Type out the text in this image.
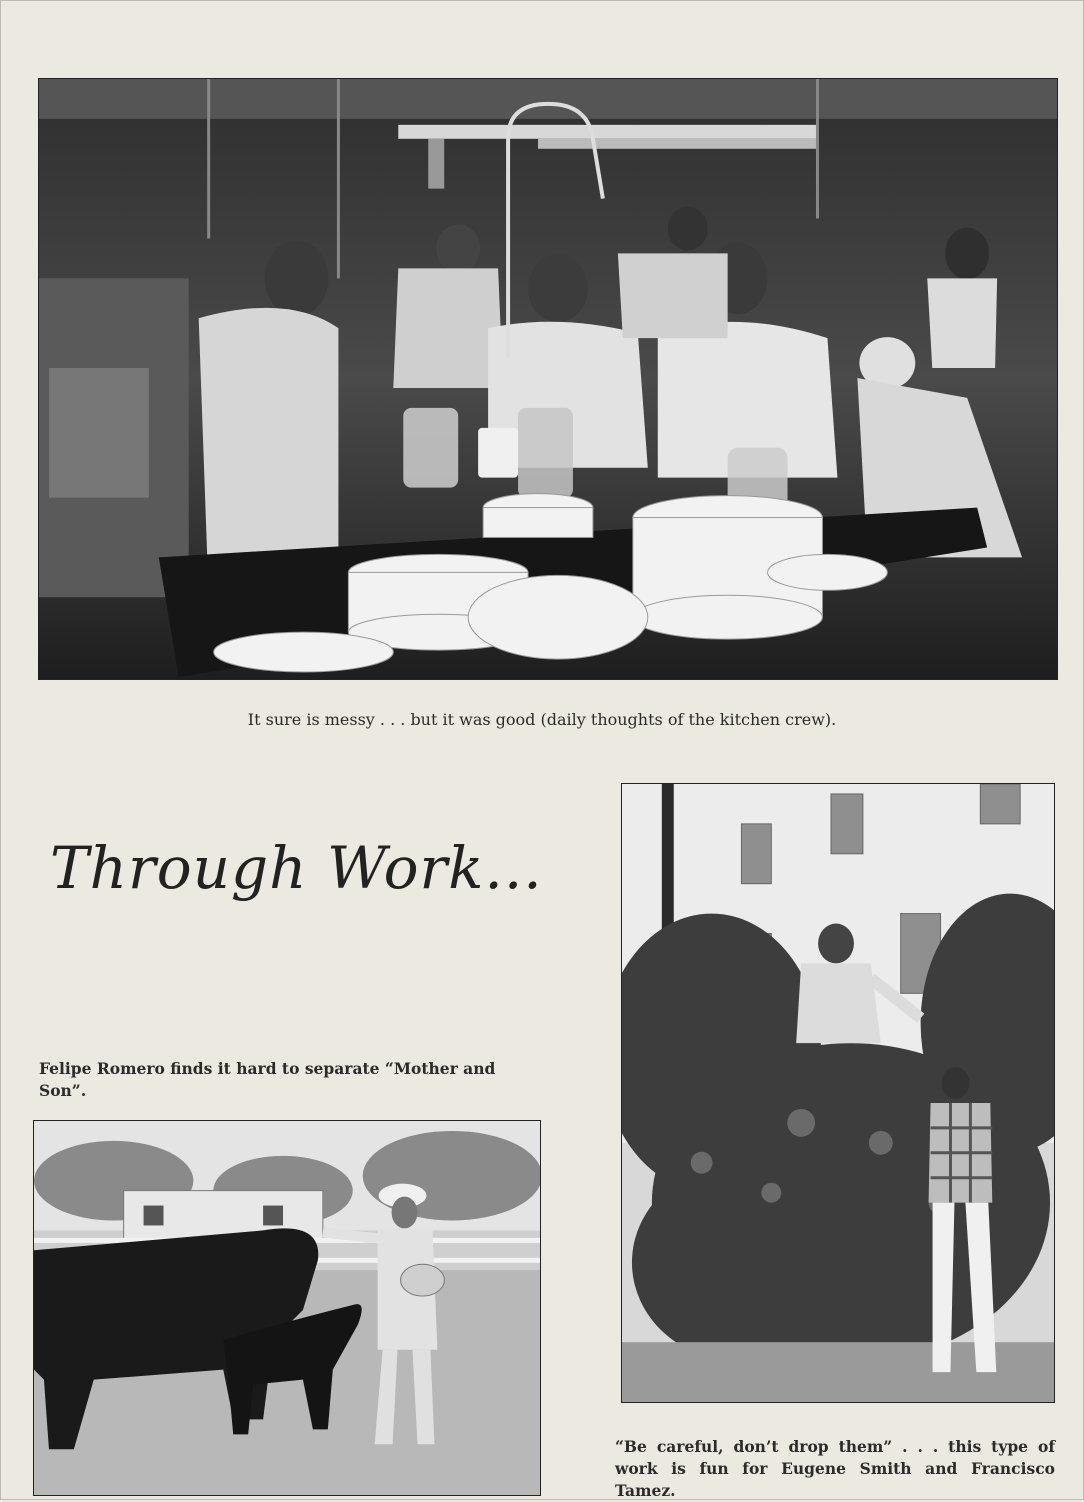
It sure is messy . . . but it was good (daily thoughts of the kitchen crew).

Through Work...

Felipe Romero finds it hard to separate “Mother and Son”.

“Be careful, don’t drop them” . . . this type of work is fun for Eugene Smith and Francisco Tamez.
